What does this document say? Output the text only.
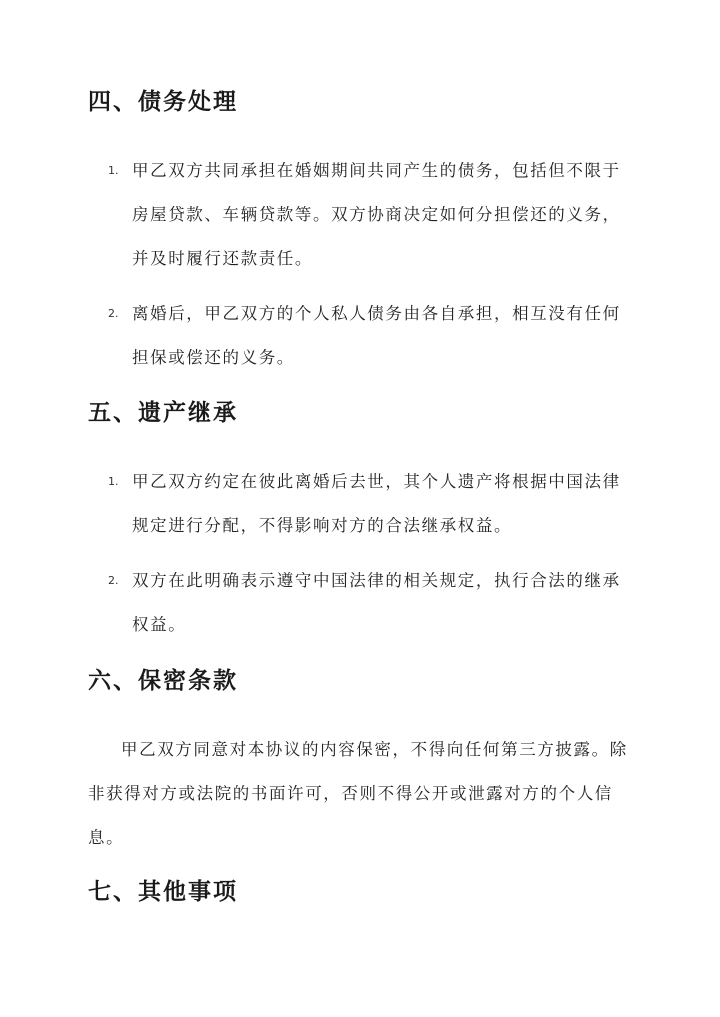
四、债务处理
1. 甲乙双方共同承担在婚姻期间共同产生的债务，包括但不限于房屋贷款、车辆贷款等。双方协商决定如何分担偿还的义务，并及时履行还款责任。
2. 离婚后，甲乙双方的个人私人债务由各自承担，相互没有任何担保或偿还的义务。
五、遗产继承
1. 甲乙双方约定在彼此离婚后去世，其个人遗产将根据中国法律规定进行分配，不得影响对方的合法继承权益。
2. 双方在此明确表示遵守中国法律的相关规定，执行合法的继承权益。
六、保密条款

甲乙双方同意对本协议的内容保密，不得向任何第三方披露。除非获得对方或法院的书面许可，否则不得公开或泄露对方的个人信息。

七、其他事项
